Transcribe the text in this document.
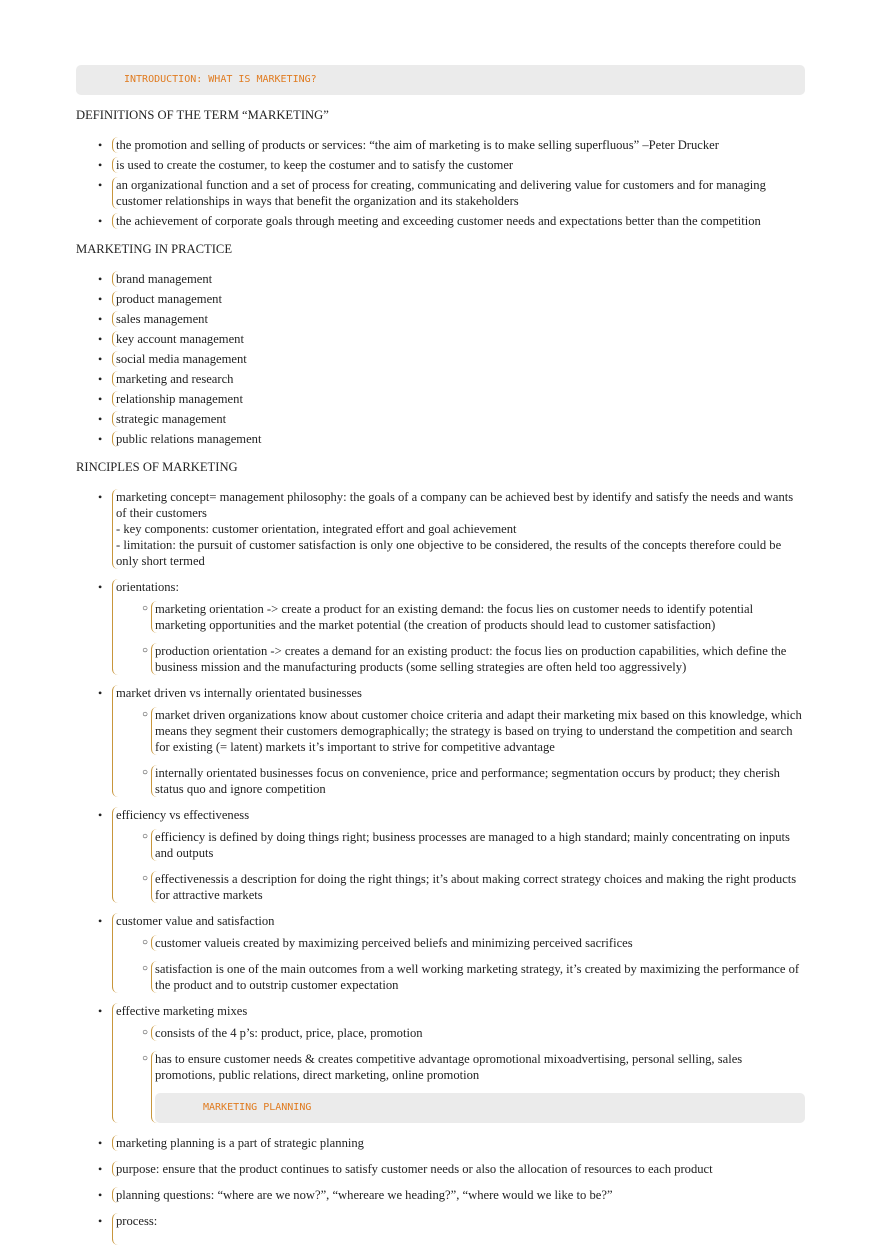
INTRODUCTION: WHAT IS MARKETING?
DEFINITIONS OF THE TERM “MARKETING”
• the promotion and selling of products or services: “the aim of marketing is to make selling superfluous” –Peter Drucker
• is used to create the costumer, to keep the costumer and to satisfy the customer
• an organizational function and a set of process for creating, communicating and delivering value for customers and for managing customer relationships in ways that benefit the organization and its stakeholders
• the achievement of corporate goals through meeting and exceeding customer needs and expectations better than the competition
MARKETING IN PRACTICE
• brand management
• product management
• sales management
• key account management
• social media management
• marketing and research
• relationship management
• strategic management
• public relations management
RINCIPLES OF MARKETING
• marketing concept= management philosophy: the goals of a company can be achieved best by identify and satisfy the needs and wants of their customers
- key components: customer orientation, integrated effort and goal achievement
- limitation: the pursuit of customer satisfaction is only one objective to be considered, the results of the concepts therefore could be only short termed
• orientations:
○ marketing orientation -> create a product for an existing demand: the focus lies on customer needs to identify potential marketing opportunities and the market potential (the creation of products should lead to customer satisfaction)
○ production orientation -> creates a demand for an existing product: the focus lies on production capabilities, which define the business mission and the manufacturing products (some selling strategies are often held too aggressively)
• market driven vs internally orientated businesses
○ market driven organizations know about customer choice criteria and adapt their marketing mix based on this knowledge, which means they segment their customers demographically; the strategy is based on trying to understand the competition and search for existing (= latent) markets it’s important to strive for competitive advantage
○ internally orientated businesses focus on convenience, price and performance; segmentation occurs by product; they cherish status quo and ignore competition
• efficiency vs effectiveness
○ efficiency is defined by doing things right; business processes are managed to a high standard; mainly concentrating on inputs and outputs
○ effectivenessis a description for doing the right things; it’s about making correct strategy choices and making the right products for attractive markets
• customer value and satisfaction
○ customer valueis created by maximizing perceived beliefs and minimizing perceived sacrifices
○ satisfaction is one of the main outcomes from a well working marketing strategy, it’s created by maximizing the performance of the product and to outstrip customer expectation
• effective marketing mixes
○ consists of the 4 p’s: product, price, place, promotion
○ has to ensure customer needs & creates competitive advantage opromotional mixoadvertising, personal selling, sales promotions, public relations, direct marketing, online promotion
MARKETING PLANNING
• marketing planning is a part of strategic planning
• purpose: ensure that the product continues to satisfy customer needs or also the allocation of resources to each product
• planning questions: “where are we now?”, “whereare we heading?”, “where would we like to be?”
• process:
